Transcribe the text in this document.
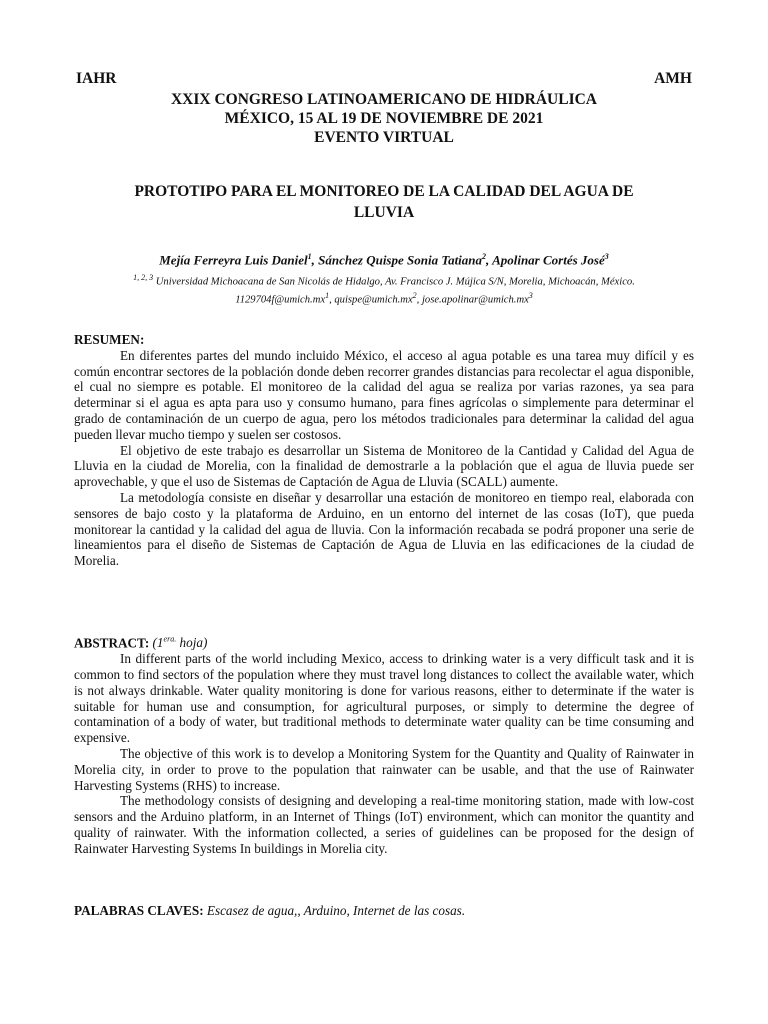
IAHR	AMH
XXIX CONGRESO LATINOAMERICANO DE HIDRÁULICA
MÉXICO, 15 AL 19 DE NOVIEMBRE DE 2021
EVENTO VIRTUAL
PROTOTIPO PARA EL MONITOREO DE LA CALIDAD DEL AGUA DE
LLUVIA
Mejía Ferreyra Luis Daniel$^1$, Sánchez Quispe Sonia Tatiana$^2$, Apolinar Cortés José$^3$
$^{1, 2, 3}$ Universidad Michoacana de San Nicolás de Hidalgo, Av. Francisco J. Mújica S/N, Morelia, Michoacán, México.
$1129704f@umich.mx^1$, $quispe@umich.mx^2$, $jose.apolinar@umich.mx^3$
RESUMEN:

En diferentes partes del mundo incluido México, el acceso al agua potable es una tarea muy difícil y es común encontrar sectores de la población donde deben recorrer grandes distancias para recolectar el agua disponible, el cual no siempre es potable. El monitoreo de la calidad del agua se realiza por varias razones, ya sea para determinar si el agua es apta para uso y consumo humano, para fines agrícolas o simplemente para determinar el grado de contaminación de un cuerpo de agua, pero los métodos tradicionales para determinar la calidad del agua pueden llevar mucho tiempo y suelen ser costosos.

El objetivo de este trabajo es desarrollar un Sistema de Monitoreo de la Cantidad y Calidad del Agua de Lluvia en la ciudad de Morelia, con la finalidad de demostrarle a la población que el agua de lluvia puede ser aprovechable, y que el uso de Sistemas de Captación de Agua de Lluvia (SCALL) aumente.

La metodología consiste en diseñar y desarrollar una estación de monitoreo en tiempo real, elaborada con sensores de bajo costo y la plataforma de Arduino, en un entorno del internet de las cosas (IoT), que pueda monitorear la cantidad y la calidad del agua de lluvia. Con la información recabada se podrá proponer una serie de lineamientos para el diseño de Sistemas de Captación de Agua de Lluvia en las edificaciones de la ciudad de Morelia.

ABSTRACT: ($1^{era.}$ hoja)

In different parts of the world including Mexico, access to drinking water is a very difficult task and it is common to find sectors of the population where they must travel long distances to collect the available water, which is not always drinkable. Water quality monitoring is done for various reasons, either to determinate if the water is suitable for human use and consumption, for agricultural purposes, or simply to determine the degree of contamination of a body of water, but traditional methods to determinate water quality can be time consuming and expensive.

The objective of this work is to develop a Monitoring System for the Quantity and Quality of Rainwater in Morelia city, in order to prove to the population that rainwater can be usable, and that the use of Rainwater Harvesting Systems (RHS) to increase.

The methodology consists of designing and developing a real-time monitoring station, made with low-cost sensors and the Arduino platform, in an Internet of Things (IoT) environment, which can monitor the quantity and quality of rainwater. With the information collected, a series of guidelines can be proposed for the design of Rainwater Harvesting Systems In buildings in Morelia city.

PALABRAS CLAVES: Escasez de agua,, Arduino, Internet de las cosas.
